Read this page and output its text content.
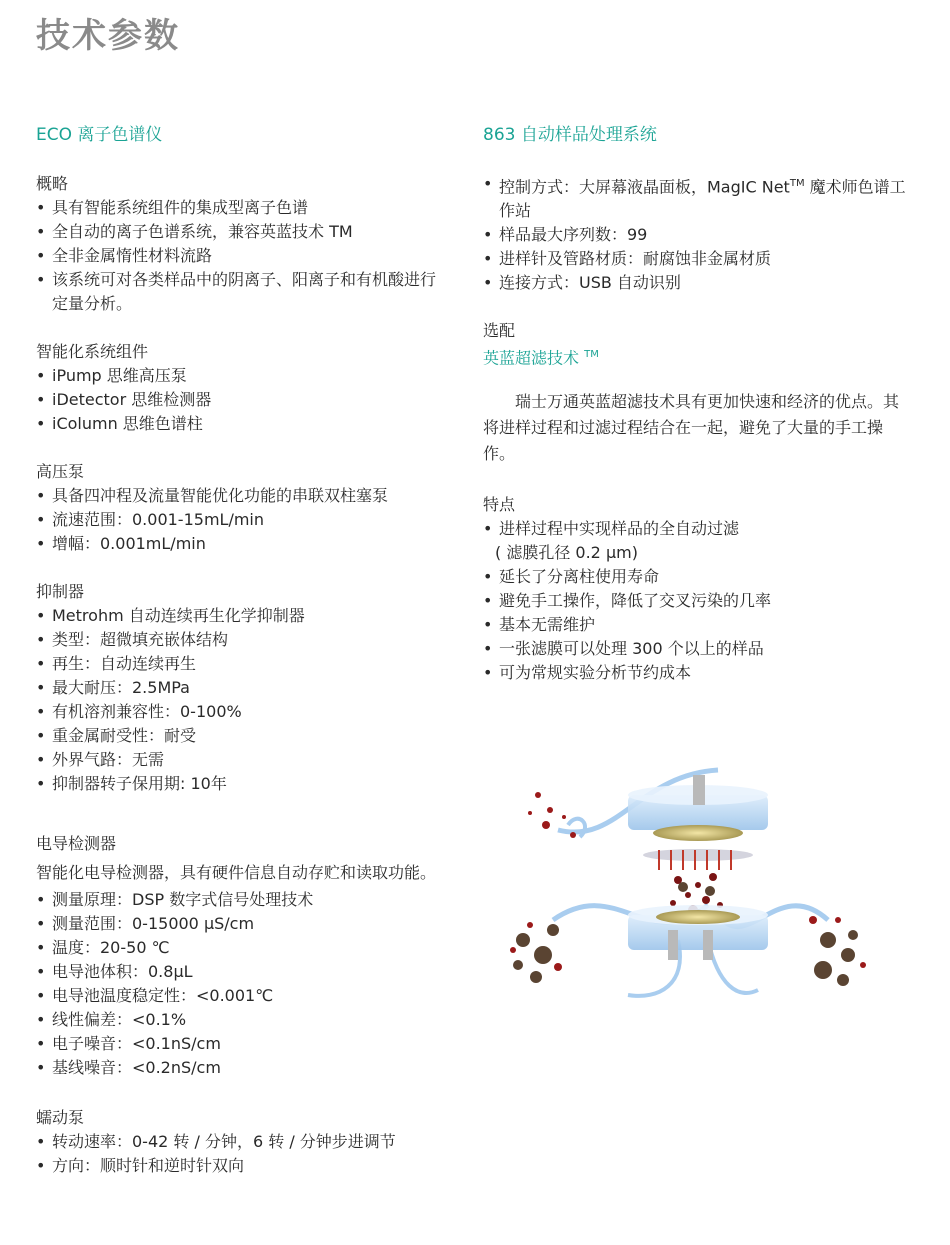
技术参数
ECO 离子色谱仪
概略
• 具有智能系统组件的集成型离子色谱
• 全自动的离子色谱系统，兼容英蓝技术 TM
• 全非金属惰性材料流路
• 该系统可对各类样品中的阴离子、阳离子和有机酸进行定量分析。
智能化系统组件
• iPump 思维高压泵
• iDetector 思维检测器
• iColumn 思维色谱柱
高压泵
• 具备四冲程及流量智能优化功能的串联双柱塞泵
• 流速范围：0.001-15mL/min
• 增幅：0.001mL/min
抑制器
• Metrohm 自动连续再生化学抑制器
• 类型：超微填充嵌体结构
• 再生：自动连续再生
• 最大耐压：2.5MPa
• 有机溶剂兼容性：0-100%
• 重金属耐受性：耐受
• 外界气路：无需
• 抑制器转子保用期: 10年
电导检测器
智能化电导检测器，具有硬件信息自动存贮和读取功能。
• 测量原理：DSP 数字式信号处理技术
• 测量范围：0-15000 μS/cm
• 温度：20-50 ℃
• 电导池体积：0.8μL
• 电导池温度稳定性：<0.001℃
• 线性偏差：<0.1%
• 电子噪音：<0.1nS/cm
• 基线噪音：<0.2nS/cm
蠕动泵
• 转动速率：0-42 转 / 分钟，6 转 / 分钟步进调节
• 方向：顺时针和逆时针双向
863 自动样品处理系统
• 控制方式：大屏幕液晶面板，MagIC Net™ 魔术师色谱工作站
• 样品最大序列数：99
• 进样针及管路材质：耐腐蚀非金属材质
• 连接方式：USB 自动识别
选配
英蓝超滤技术 ™
瑞士万通英蓝超滤技术具有更加快速和经济的优点。其将进样过程和过滤过程结合在一起，避免了大量的手工操作。
特点
• 进样过程中实现样品的全自动过滤
( 滤膜孔径 0.2 μm)
• 延长了分离柱使用寿命
• 避免手工操作，降低了交叉污染的几率
• 基本无需维护
• 一张滤膜可以处理 300 个以上的样品
• 可为常规实验分析节约成本
